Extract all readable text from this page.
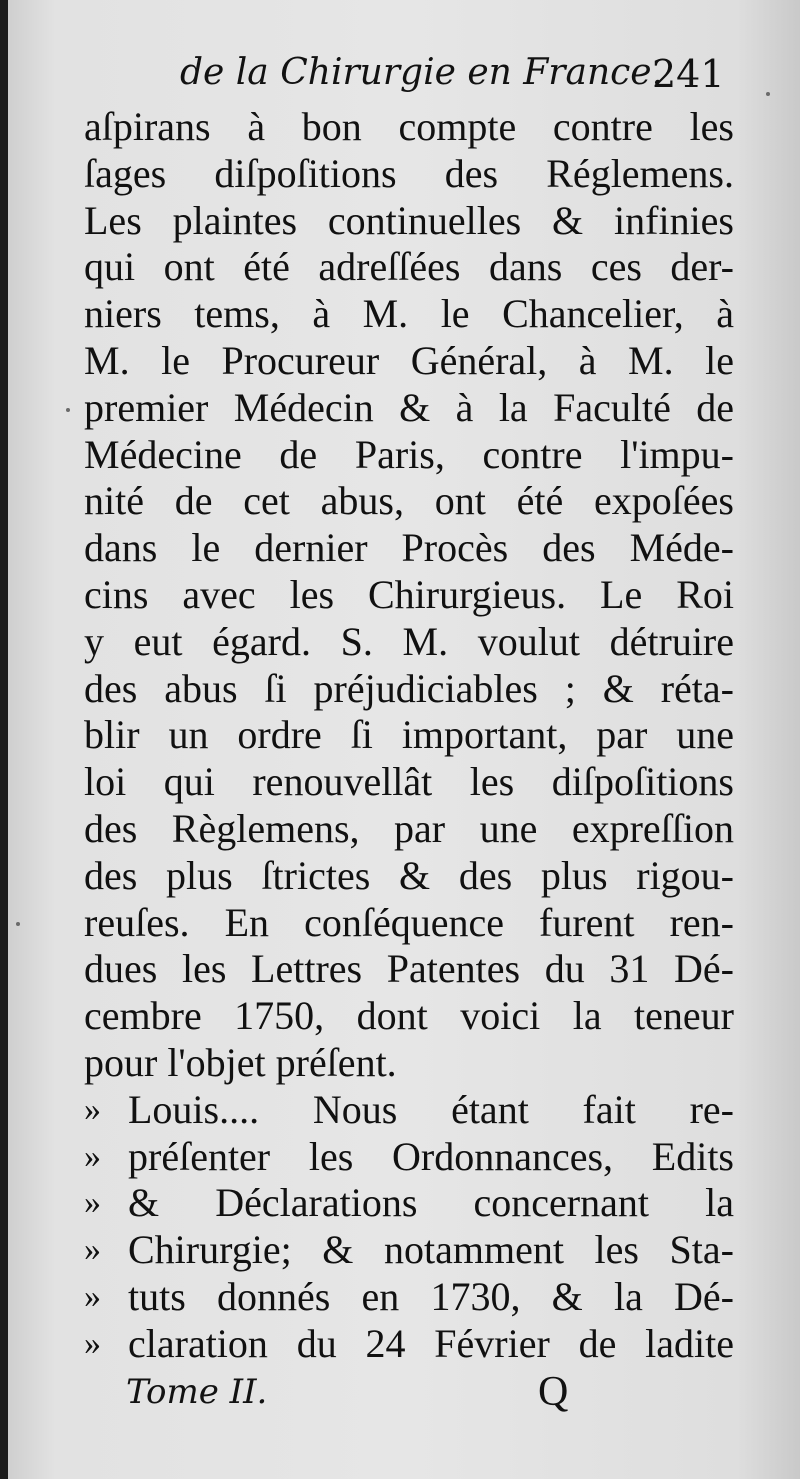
de la Chirurgie en France.
241
aſpirans à bon compte contre les
ſages diſpoſitions des Réglemens.
Les plaintes continuelles & infinies
qui ont été adreſſées dans ces der-
niers tems, à M. le Chancelier, à
M. le Procureur Général, à M. le
premier Médecin & à la Faculté de
Médecine de Paris, contre l'impu-
nité de cet abus, ont été expoſées
dans le dernier Procès des Méde-
cins avec les Chirurgieus. Le Roi
y eut égard. S. M. voulut détruire
des abus ſi préjudiciables ; & réta-
blir un ordre ſi important, par une
loi qui renouvellât les diſpoſitions
des Règlemens, par une expreſſion
des plus ſtrictes & des plus rigou-
reuſes. En conſéquence furent ren-
dues les Lettres Patentes du 31 Dé-
cembre 1750, dont voici la teneur
pour l'objet préſent.
» Louis.... Nous étant fait re-
» préſenter les Ordonnances, Edits
» & Déclarations concernant la
» Chirurgie; & notamment les Sta-
» tuts donnés en 1730, & la Dé-
» claration du 24 Février de ladite
Tome II.	Q
